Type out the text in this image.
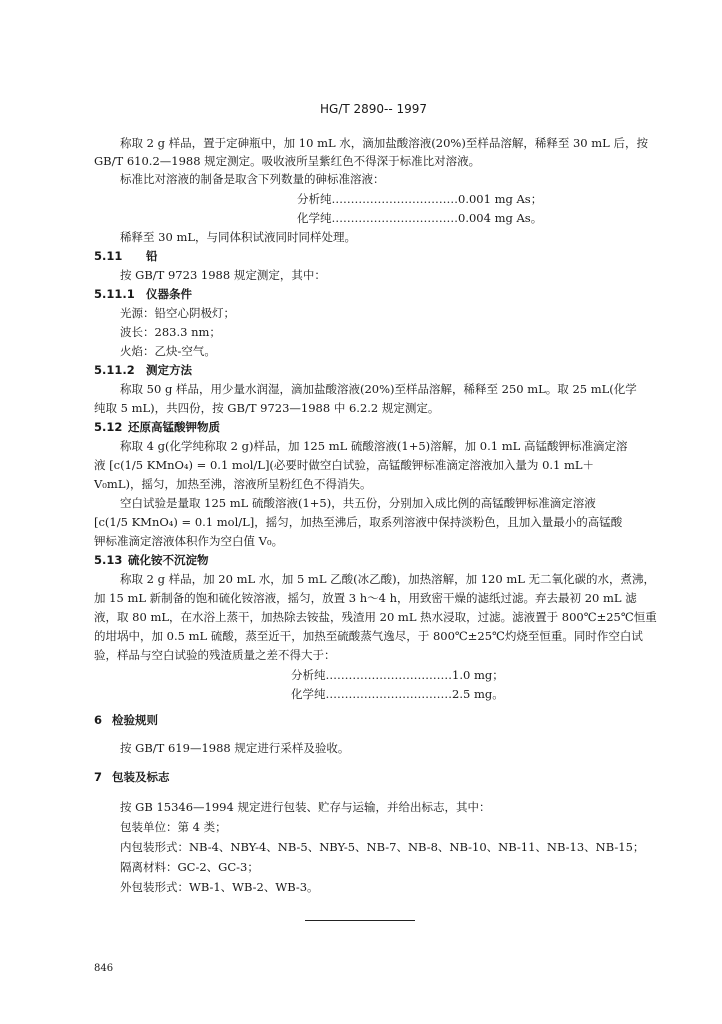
HG/T 2890-- 1997
称取 2 g 样品，置于定砷瓶中，加 10 mL 水，滴加盐酸溶液(20%)至样品溶解，稀释至 30 mL 后，按
GB/T 610.2—1988 规定测定。吸收液所呈紫红色不得深于标准比对溶液。
标准比对溶液的制备是取含下列数量的砷标准溶液：
分析纯……………………………0.001 mg As；
化学纯……………………………0.004 mg As。
稀释至 30 mL，与同体积试液同时同样处理。
5.11 铅
按 GB/T 9723 1988 规定测定，其中：
5.11.1 仪器条件
光源：铅空心阴极灯；
波长：283.3 nm；
火焰：乙炔-空气。
5.11.2 测定方法
称取 50 g 样品，用少量水润湿，滴加盐酸溶液(20%)至样品溶解，稀释至 250 mL。取 25 mL(化学
纯取 5 mL)，共四份，按 GB/T 9723—1988 中 6.2.2 规定测定。
5.12 还原高锰酸钾物质
称取 4 g(化学纯称取 2 g)样品，加 125 mL 硫酸溶液(1+5)溶解，加 0.1 mL 高锰酸钾标准滴定溶
液 [c(1/5 KMnO₄) = 0.1 mol/L](必要时做空白试验，高锰酸钾标准滴定溶液加入量为 0.1 mL＋
V₀mL)，摇匀，加热至沸，溶液所呈粉红色不得消失。
空白试验是量取 125 mL 硫酸溶液(1+5)，共五份，分别加入成比例的高锰酸钾标准滴定溶液
[c(1/5 KMnO₄) = 0.1 mol/L]，摇匀，加热至沸后，取系列溶液中保持淡粉色，且加入量最小的高锰酸
钾标准滴定溶液体积作为空白值 V₀。
5.13 硫化铵不沉淀物
称取 2 g 样品，加 20 mL 水，加 5 mL 乙酸(冰乙酸)，加热溶解，加 120 mL 无二氧化碳的水，煮沸，
加 15 mL 新制备的饱和硫化铵溶液，摇匀，放置 3 h～4 h，用致密干燥的滤纸过滤。弃去最初 20 mL 滤
液，取 80 mL，在水浴上蒸干，加热除去铵盐，残渣用 20 mL 热水浸取，过滤。滤液置于 800℃±25℃恒重
的坩埚中，加 0.5 mL 硫酸，蒸至近干，加热至硫酸蒸气逸尽，于 800℃±25℃灼烧至恒重。同时作空白试
验，样品与空白试验的残渣质量之差不得大于：
分析纯……………………………1.0 mg；
化学纯……………………………2.5 mg。
6 检验规则
按 GB/T 619—1988 规定进行采样及验收。
7 包装及标志
按 GB 15346—1994 规定进行包装、贮存与运输，并给出标志，其中：
包装单位：第 4 类；
内包装形式：NB-4、NBY-4、NB-5、NBY-5、NB-7、NB-8、NB-10、NB-11、NB-13、NB-15；
隔离材料：GC-2、GC-3；
外包装形式：WB-1、WB-2、WB-3。
846
